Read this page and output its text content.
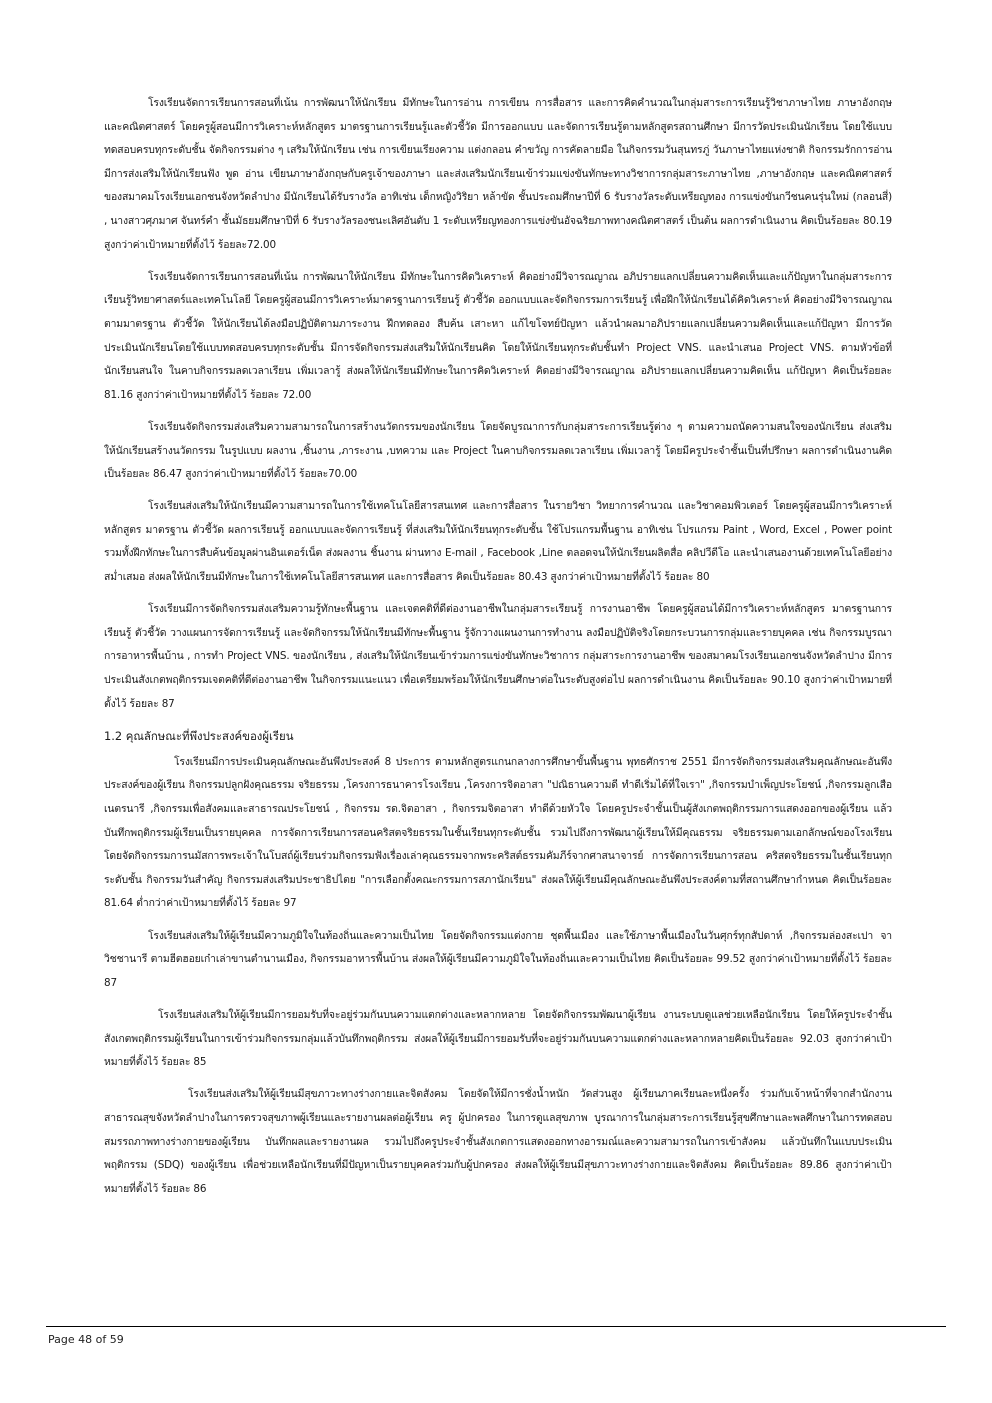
โรงเรียนจัดการเรียนการสอนที่เน้น การพัฒนาให้นักเรียน มีทักษะในการอ่าน การเขียน การสื่อสาร และการคิดคำนวณในกลุ่มสาระการเรียนรู้วิชาภาษาไทย ภาษาอังกฤษ และคณิตศาสตร์ โดยครูผู้สอนมีการวิเคราะห์หลักสูตร มาตรฐานการเรียนรู้และตัวชี้วัด มีการออกแบบ และจัดการเรียนรู้ตามหลักสูตรสถานศึกษา มีการวัดประเมินนักเรียน โดยใช้แบบทดสอบครบทุกระดับชั้น จัดกิจกรรมต่าง ๆ เสริมให้นักเรียน เช่น การเขียนเรียงความ แต่งกลอน คำขวัญ การคัดลายมือ ในกิจกรรมวันสุนทรภู่ วันภาษาไทยแห่งชาติ กิจกรรมรักการอ่าน มีการส่งเสริมให้นักเรียนฟัง พูด อ่าน เขียนภาษาอังกฤษกับครูเจ้าของภาษา และส่งเสริมนักเรียนเข้าร่วมแข่งขันทักษะทางวิชาการกลุ่มสาระภาษาไทย ,ภาษาอังกฤษ และคณิตศาสตร์ ของสมาคมโรงเรียนเอกชนจังหวัดลำปาง มีนักเรียนได้รับรางวัล อาทิเช่น เด็กหญิงวิริยา หล้าขัด ชั้นประถมศึกษาปีที่ 6 รับรางวัลระดับเหรียญทอง การแข่งขันกวีชนคนรุ่นใหม่ (กลอนสี่) , นางสาวศุภมาศ จันทร์คำ ชั้นมัธยมศึกษาปีที่ 6 รับรางวัลรองชนะเลิศอันดับ 1 ระดับเหรียญทองการแข่งขันอัจฉริยภาพทางคณิตศาสตร์ เป็นต้น ผลการดำเนินงาน คิดเป็นร้อยละ 80.19 สูงกว่าค่าเป้าหมายที่ตั้งไว้ ร้อยละ72.00

โรงเรียนจัดการเรียนการสอนที่เน้น การพัฒนาให้นักเรียน มีทักษะในการคิดวิเคราะห์ คิดอย่างมีวิจารณญาณ อภิปรายแลกเปลี่ยนความคิดเห็นและแก้ปัญหาในกลุ่มสาระการเรียนรู้วิทยาศาสตร์และเทคโนโลยี โดยครูผู้สอนมีการวิเคราะห์มาตรฐานการเรียนรู้ ตัวชี้วัด ออกแบบและจัดกิจกรรมการเรียนรู้ เพื่อฝึกให้นักเรียนได้คิดวิเคราะห์ คิดอย่างมีวิจารณญาณ ตามมาตรฐาน ตัวชี้วัด ให้นักเรียนได้ลงมือปฏิบัติตามภาระงาน ฝึกทดลอง สืบค้น เสาะหา แก้ไขโจทย์ปัญหา แล้วนำผลมาอภิปรายแลกเปลี่ยนความคิดเห็นและแก้ปัญหา มีการวัดประเมินนักเรียนโดยใช้แบบทดสอบครบทุกระดับชั้น มีการจัดกิจกรรมส่งเสริมให้นักเรียนคิด โดยให้นักเรียนทุกระดับชั้นทำ Project VNS. และนำเสนอ Project VNS. ตามหัวข้อที่นักเรียนสนใจ ในคาบกิจกรรมลดเวลาเรียน เพิ่มเวลารู้ ส่งผลให้นักเรียนมีทักษะในการคิดวิเคราะห์ คิดอย่างมีวิจารณญาณ อภิปรายแลกเปลี่ยนความคิดเห็น แก้ปัญหา คิดเป็นร้อยละ 81.16 สูงกว่าค่าเป้าหมายที่ตั้งไว้ ร้อยละ 72.00

โรงเรียนจัดกิจกรรมส่งเสริมความสามารถในการสร้างนวัตกรรมของนักเรียน โดยจัดบูรณาการกับกลุ่มสาระการเรียนรู้ต่าง ๆ ตามความถนัดความสนใจของนักเรียน ส่งเสริมให้นักเรียนสร้างนวัตกรรม ในรูปแบบ ผลงาน ,ชิ้นงาน ,ภาระงาน ,บทความ และ Project ในคาบกิจกรรมลดเวลาเรียน เพิ่มเวลารู้ โดยมีครูประจำชั้นเป็นที่ปรึกษา ผลการดำเนินงานคิดเป็นร้อยละ 86.47 สูงกว่าค่าเป้าหมายที่ตั้งไว้ ร้อยละ70.00

โรงเรียนส่งเสริมให้นักเรียนมีความสามารถในการใช้เทคโนโลยีสารสนเทศ และการสื่อสาร ในรายวิชา วิทยาการคำนวณ และวิชาคอมพิวเตอร์ โดยครูผู้สอนมีการวิเคราะห์หลักสูตร มาตรฐาน ตัวชี้วัด ผลการเรียนรู้ ออกแบบและจัดการเรียนรู้ ที่ส่งเสริมให้นักเรียนทุกระดับชั้น ใช้โปรแกรมพื้นฐาน อาทิเช่น โปรแกรม Paint , Word, Excel , Power point รวมทั้งฝึกทักษะในการสืบค้นข้อมูลผ่านอินเตอร์เน็ต ส่งผลงาน ชิ้นงาน ผ่านทาง E-mail , Facebook ,Line ตลอดจนให้นักเรียนผลิตสื่อ คลิปวีดีโอ และนำเสนองานด้วยเทคโนโลยีอย่างสม่ำเสมอ ส่งผลให้นักเรียนมีทักษะในการใช้เทคโนโลยีสารสนเทศ และการสื่อสาร คิดเป็นร้อยละ 80.43 สูงกว่าค่าเป้าหมายที่ตั้งไว้ ร้อยละ 80

โรงเรียนมีการจัดกิจกรรมส่งเสริมความรู้ทักษะพื้นฐาน และเจตคติที่ดีต่องานอาชีพในกลุ่มสาระเรียนรู้ การงานอาชีพ โดยครูผู้สอนได้มีการวิเคราะห์หลักสูตร มาตรฐานการเรียนรู้ ตัวชี้วัด วางแผนการจัดการเรียนรู้ และจัดกิจกรรมให้นักเรียนมีทักษะพื้นฐาน รู้จักวางแผนงานการทำงาน ลงมือปฏิบัติจริงโดยกระบวนการกลุ่มและรายบุคคล เช่น กิจกรรมบูรณาการอาหารพื้นบ้าน , การทำ Project VNS. ของนักเรียน , ส่งเสริมให้นักเรียนเข้าร่วมการแข่งขันทักษะวิชาการ กลุ่มสาระการงานอาชีพ ของสมาคมโรงเรียนเอกชนจังหวัดลำปาง มีการประเมินสังเกตพฤติกรรมเจตคติที่ดีต่องานอาชีพ ในกิจกรรมแนะแนว เพื่อเตรียมพร้อมให้นักเรียนศึกษาต่อในระดับสูงต่อไป ผลการดำเนินงาน คิดเป็นร้อยละ 90.10 สูงกว่าค่าเป้าหมายที่ตั้งไว้ ร้อยละ 87

1.2 คุณลักษณะที่พึงประสงค์ของผู้เรียน

โรงเรียนมีการประเมินคุณลักษณะอันพึงประสงค์ 8 ประการ ตามหลักสูตรแกนกลางการศึกษาขั้นพื้นฐาน พุทธศักราช 2551 มีการจัดกิจกรรมส่งเสริมคุณลักษณะอันพึงประสงค์ของผู้เรียน กิจกรรมปลูกฝังคุณธรรม จริยธรรม ,โครงการธนาคารโรงเรียน ,โครงการจิตอาสา "ปณิธานความดี ทำดีเริ่มได้ที่ใจเรา" ,กิจกรรมบำเพ็ญประโยชน์ ,กิจกรรมลูกเสือ เนตรนารี ,กิจกรรมเพื่อสังคมและสาธารณประโยชน์ , กิจกรรม รด.จิตอาสา , กิจกรรมจิตอาสา ทำดีด้วยหัวใจ โดยครูประจำชั้นเป็นผู้สังเกตพฤติกรรมการแสดงออกของผู้เรียน แล้วบันทึกพฤติกรรมผู้เรียนเป็นรายบุคคล การจัดการเรียนการสอนคริสตจริยธรรมในชั้นเรียนทุกระดับชั้น รวมไปถึงการพัฒนาผู้เรียนให้มีคุณธรรม จริยธรรมตามเอกลักษณ์ของโรงเรียน โดยจัดกิจกรรมการนมัสการพระเจ้าในโบสถ์ผู้เรียนร่วมกิจกรรมฟังเรื่องเล่าคุณธรรมจากพระคริสต์ธรรมคัมภีร์จากศาสนาจารย์ การจัดการเรียนการสอน คริสตจริยธรรมในชั้นเรียนทุกระดับชั้น กิจกรรมวันสำคัญ กิจกรรมส่งเสริมประชาธิปไตย "การเลือกตั้งคณะกรรมการสภานักเรียน" ส่งผลให้ผู้เรียนมีคุณลักษณะอันพึงประสงค์ตามที่สถานศึกษากำหนด คิดเป็นร้อยละ 81.64 ต่ำกว่าค่าเป้าหมายที่ตั้งไว้ ร้อยละ 97

โรงเรียนส่งเสริมให้ผู้เรียนมีความภูมิใจในท้องถิ่นและความเป็นไทย โดยจัดกิจกรรมแต่งกาย ชุดพื้นเมือง และใช้ภาษาพื้นเมืองในวันศุกร์ทุกสัปดาห์ ,กิจกรรมล่องสะเปา จาวิชชานารี ตามฮีตฮอยเก๋าเล่าขานตำนานเมือง, กิจกรรมอาหารพื้นบ้าน ส่งผลให้ผู้เรียนมีความภูมิใจในท้องถิ่นและความเป็นไทย คิดเป็นร้อยละ 99.52 สูงกว่าค่าเป้าหมายที่ตั้งไว้ ร้อยละ 87

โรงเรียนส่งเสริมให้ผู้เรียนมีการยอมรับที่จะอยู่ร่วมกันบนความแตกต่างและหลากหลาย โดยจัดกิจกรรมพัฒนาผู้เรียน งานระบบดูแลช่วยเหลือนักเรียน โดยให้ครูประจำชั้นสังเกตพฤติกรรมผู้เรียนในการเข้าร่วมกิจกรรมกลุ่มแล้วบันทึกพฤติกรรม ส่งผลให้ผู้เรียนมีการยอมรับที่จะอยู่ร่วมกันบนความแตกต่างและหลากหลายคิดเป็นร้อยละ 92.03 สูงกว่าค่าเป้าหมายที่ตั้งไว้ ร้อยละ 85

โรงเรียนส่งเสริมให้ผู้เรียนมีสุขภาวะทางร่างกายและจิตสังคม โดยจัดให้มีการชั่งน้ำหนัก วัดส่วนสูง ผู้เรียนภาคเรียนละหนึ่งครั้ง ร่วมกับเจ้าหน้าที่จากสำนักงานสาธารณสุขจังหวัดลำปางในการตรวจสุขภาพผู้เรียนและรายงานผลต่อผู้เรียน ครู ผู้ปกครอง ในการดูแลสุขภาพ บูรณาการในกลุ่มสาระการเรียนรู้สุขศึกษาและพลศึกษาในการทดสอบสมรรถภาพทางร่างกายของผู้เรียน บันทึกผลและรายงานผล รวมไปถึงครูประจำชั้นสังเกตการแสดงออกทางอารมณ์และความสามารถในการเข้าสังคม แล้วบันทึกในแบบประเมินพฤติกรรม (SDQ) ของผู้เรียน เพื่อช่วยเหลือนักเรียนที่มีปัญหาเป็นรายบุคคลร่วมกับผู้ปกครอง ส่งผลให้ผู้เรียนมีสุขภาวะทางร่างกายและจิตสังคม คิดเป็นร้อยละ 89.86 สูงกว่าค่าเป้าหมายที่ตั้งไว้ ร้อยละ 86

Page 48 of 59
